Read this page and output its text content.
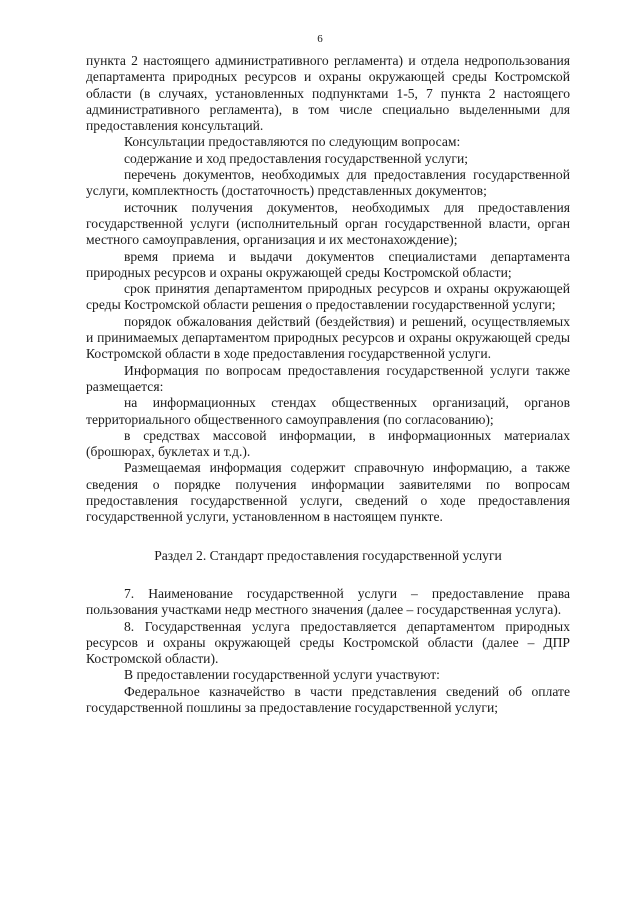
6

пункта 2 настоящего административного регламента) и отдела недропользования департамента природных ресурсов и охраны окружающей среды Костромской области (в случаях, установленных подпунктами 1-5, 7 пункта 2 настоящего административного регламента), в том числе специально выделенными для предоставления консультаций.

Консультации предоставляются по следующим вопросам:

содержание и ход предоставления государственной услуги;

перечень документов, необходимых для предоставления государственной услуги, комплектность (достаточность) представленных документов;

источник получения документов, необходимых для предоставления государственной услуги (исполнительный орган государственной власти, орган местного самоуправления, организация и их местонахождение);

время приема и выдачи документов специалистами департамента природных ресурсов и охраны окружающей среды Костромской области;

срок принятия департаментом природных ресурсов и охраны окружающей среды Костромской области решения о предоставлении государственной услуги;

порядок обжалования действий (бездействия) и решений, осуществляемых и принимаемых департаментом природных ресурсов и охраны окружающей среды Костромской области в ходе предоставления государственной услуги.

Информация по вопросам предоставления государственной услуги также размещается:

на информационных стендах общественных организаций, органов территориального общественного самоуправления (по согласованию);

в средствах массовой информации, в информационных материалах (брошюрах, буклетах и т.д.).

Размещаемая информация содержит справочную информацию, а также сведения о порядке получения информации заявителями по вопросам предоставления государственной услуги, сведений о ходе предоставления государственной услуги, установленном в настоящем пункте.

Раздел 2. Стандарт предоставления государственной услуги

7. Наименование государственной услуги – предоставление права пользования участками недр местного значения (далее – государственная услуга).

8. Государственная услуга предоставляется департаментом природных ресурсов и охраны окружающей среды Костромской области (далее – ДПР Костромской области).

В предоставлении государственной услуги участвуют:

Федеральное казначейство в части представления сведений об оплате государственной пошлины за предоставление государственной услуги;
